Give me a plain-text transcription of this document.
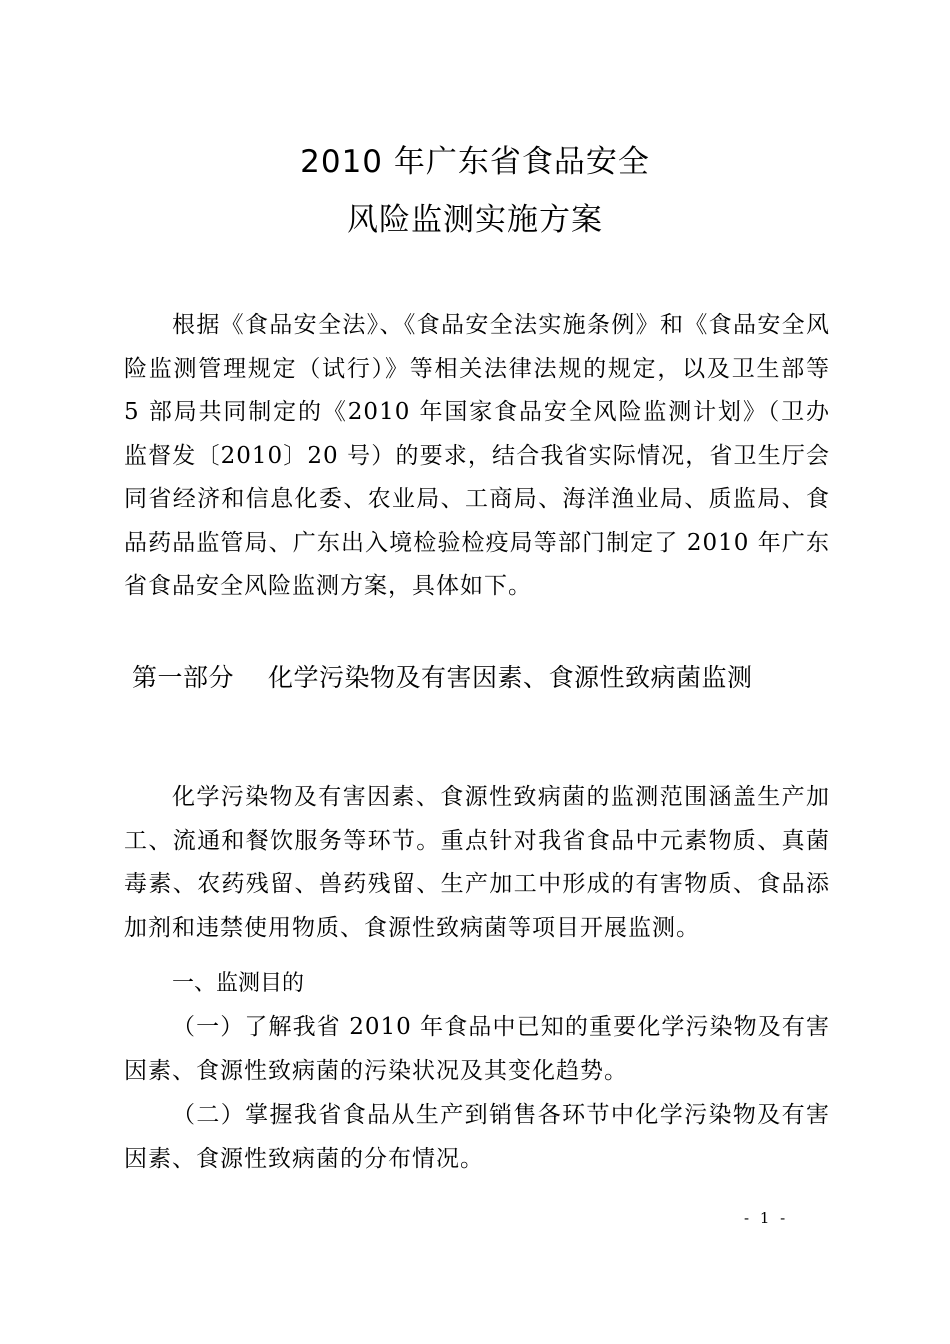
2010 年广东省食品安全
风险监测实施方案
根据《食品安全法》、《食品安全法实施条例》和《食品安全风险监测管理规定（试行）》等相关法律法规的规定，以及卫生部等 5 部局共同制定的《2010 年国家食品安全风险监测计划》（卫办监督发〔2010〕20 号）的要求，结合我省实际情况，省卫生厅会同省经济和信息化委、农业局、工商局、海洋渔业局、质监局、食品药品监管局、广东出入境检验检疫局等部门制定了 2010 年广东省食品安全风险监测方案，具体如下。
第一部分 化学污染物及有害因素、食源性致病菌监测
化学污染物及有害因素、食源性致病菌的监测范围涵盖生产加工、流通和餐饮服务等环节。重点针对我省食品中元素物质、真菌毒素、农药残留、兽药残留、生产加工中形成的有害物质、食品添加剂和违禁使用物质、食源性致病菌等项目开展监测。
一、监测目的
（一）了解我省 2010 年食品中已知的重要化学污染物及有害因素、食源性致病菌的污染状况及其变化趋势。
（二）掌握我省食品从生产到销售各环节中化学污染物及有害因素、食源性致病菌的分布情况。
- 1 -
